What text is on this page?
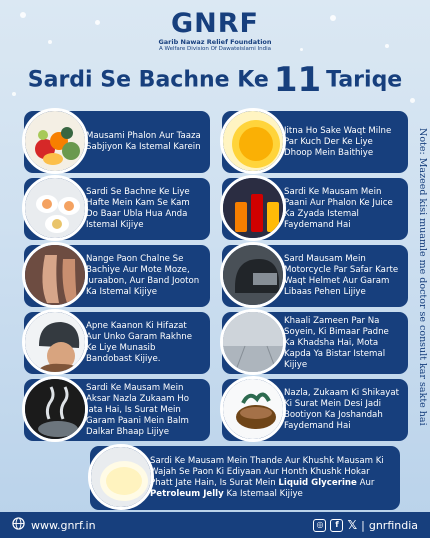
GNRF
Garib Nawaz Relief Foundation
A Welfare Division Of Dawateislami India
Sardi Se Bachne Ke 11 Tariqe
Mausami Phalon Aur Taaza Sabjiyon Ka Istemal Karein
Jitna Ho Sake Waqt Milne Par Kuch Der Ke Liye Dhoop Mein Baithiye
Sardi Se Bachne Ke Liye Hafte Mein Kam Se Kam Do Baar Ubla Hua Anda Istemal Kijiye
Sardi Ke Mausam Mein Paani Aur Phalon Ke Juice Ka Zyada Istemal Faydemand Hai
Nange Paon Chalne Se Bachiye Aur Mote Moze, Juraabon, Aur Band Jooton Ka Istemal Kijiye
Sard Mausam Mein Motorcycle Par Safar Karte Waqt Helmet Aur Garam Libaas Pehen Lijiye
Apne Kaanon Ki Hifazat Aur Unko Garam Rakhne Ke Liye Munasib Bandobast Kijiye.
Khaali Zameen Par Na Soyein, Ki Bimaar Padne Ka Khadsha Hai, Mota Kapda Ya Bistar Istemal Kijiye
Sardi Ke Mausam Mein Aksar Nazla Zukaam Ho Jata Hai, Is Surat Mein Garam Paani Mein Balm Dalkar Bhaap Lijiye
Nazla, Zukaam Ki Shikayat Ki Surat Mein Desi Jadi Bootiyon Ka Joshandah Faydemand Hai
Sardi Ke Mausam Mein Thande Aur Khushk Mausam Ki Wajah Se Paon Ki Ediyaan Aur Honth Khushk Hokar Phatt Jate Hain, Is Surat Mein Liquid Glycerine Aur Petroleum Jelly Ka Istemaal Kijiye
Note: Mazeed kisi muamle me doctor se consult kar sakte hai
www.gnrf.in	◎	f 𝕏 | gnrfindia
